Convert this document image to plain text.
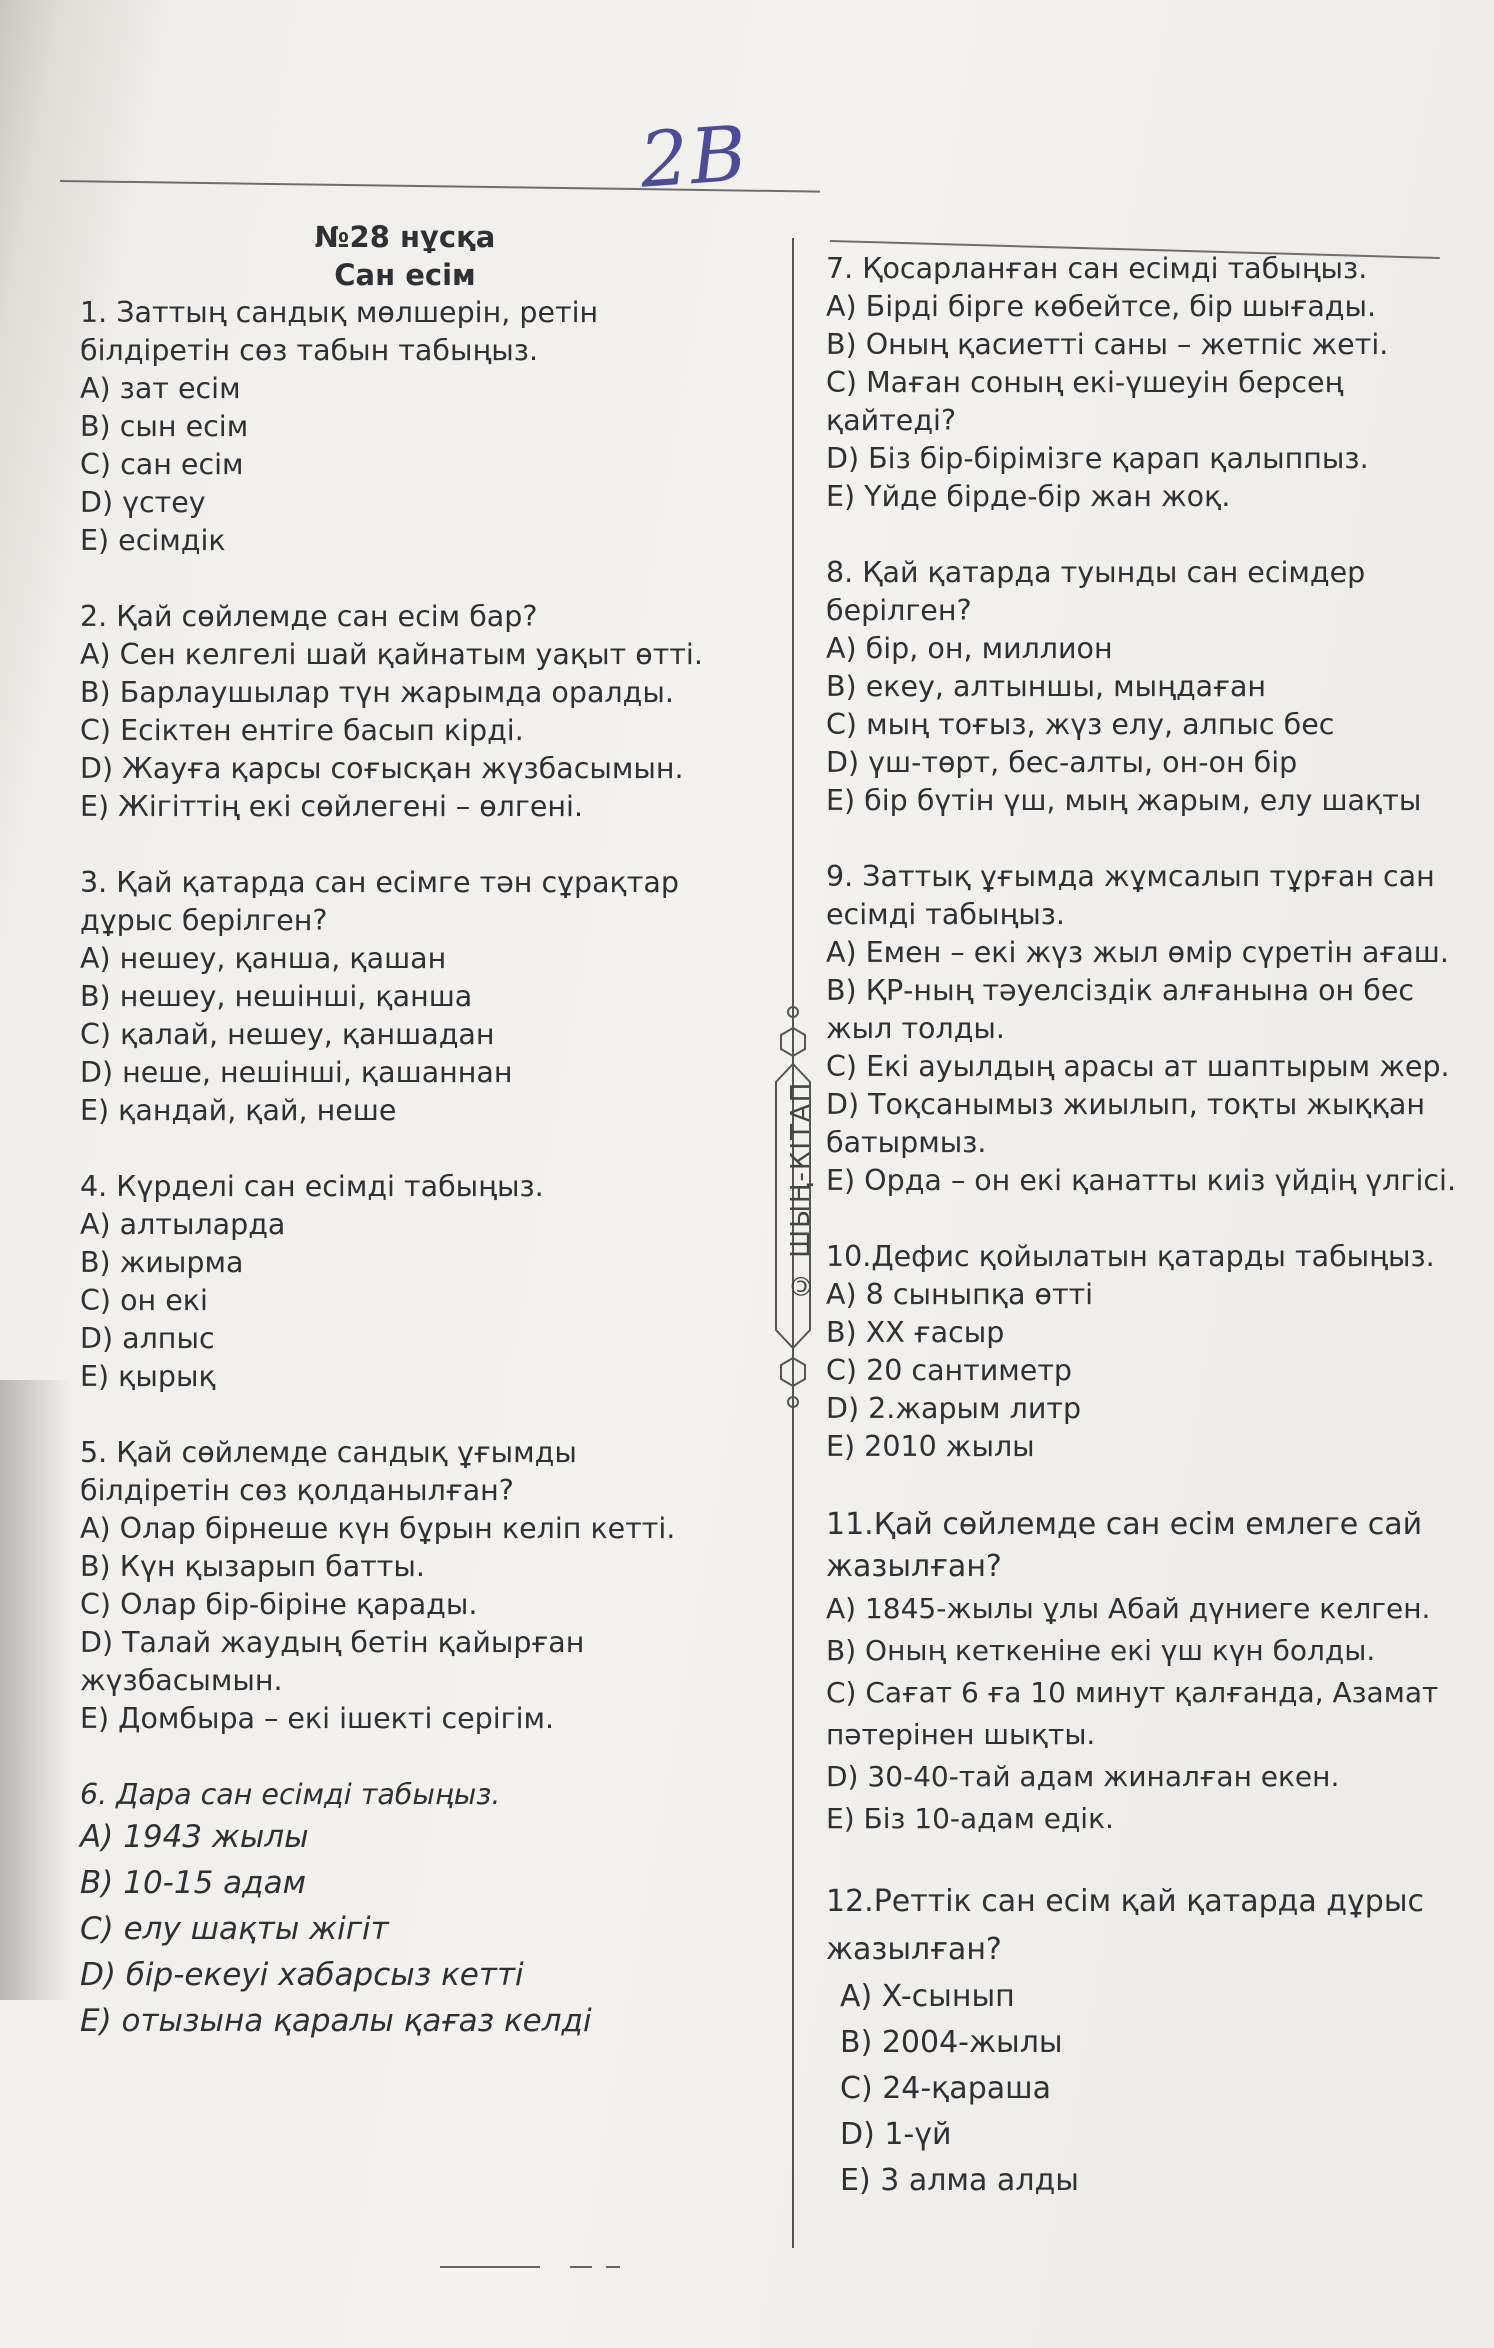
2В
© ШЫҢ-КІТАП
№28 нұсқа
Сан есім

1. Заттың сандық мөлшерін, ретін

білдіретін сөз табын табыңыз.

А) зат есім

В) сын есім

С) сан есім

D) үстеу

Е) есімдік

2. Қай сөйлемде сан есім бар?

А) Сен келгелі шай қайнатым уақыт өтті.

В) Барлаушылар түн жарымда оралды.

С) Есіктен ентіге басып кірді.

D) Жауға қарсы соғысқан жүзбасымын.

Е) Жігіттің екі сөйлегені – өлгені.

3. Қай қатарда сан есімге тән сұрақтар

дұрыс берілген?

А) нешеу, қанша, қашан

В) нешеу, нешінші, қанша

С) қалай, нешеу, қаншадан

D) неше, нешінші, қашаннан

Е) қандай, қай, неше

4. Күрделі сан есімді табыңыз.

А) алтыларда

В) жиырма

С) он екі

D) алпыс

Е) қырық

5. Қай сөйлемде сандық ұғымды

білдіретін сөз қолданылған?

А) Олар бірнеше күн бұрын келіп кетті.

В) Күн қызарып батты.

С) Олар бір-біріне қарады.

D) Талай жаудың бетін қайырған

жүзбасымын.

Е) Домбыра – екі ішекті серігім.

6. Дара сан есімді табыңыз.

А) 1943 жылы

В) 10-15 адам

С) елу шақты жігіт

D) бір-екеуі хабарсыз кетті

Е) отызына қаралы қағаз келді

7. Қосарланған сан есімді табыңыз.

А) Бірді бірге көбейтсе, бір шығады.

В) Оның қасиетті саны – жетпіс жеті.

С) Маған соның екі-үшеуін берсең

қайтеді?

D) Біз бір-бірімізге қарап қалыппыз.

Е) Үйде бірде-бір жан жоқ.

8. Қай қатарда туынды сан есімдер

берілген?

А) бір, он, миллион

В) екеу, алтыншы, мыңдаған

С) мың тоғыз, жүз елу, алпыс бес

D) үш-төрт, бес-алты, он-он бір

Е) бір бүтін үш, мың жарым, елу шақты

9. Заттық ұғымда жұмсалып тұрған сан

есімді табыңыз.

А) Емен – екі жүз жыл өмір сүретін ағаш.

В) ҚР-ның тәуелсіздік алғанына он бес

жыл толды.

С) Екі ауылдың арасы ат шаптырым жер.

D) Тоқсанымыз жиылып, тоқты жыққан

батырмыз.

Е) Орда – он екі қанатты киіз үйдің үлгісі.

10.Дефис қойылатын қатарды табыңыз.

А) 8 сыныпқа өтті

В) XX ғасыр

С) 20 сантиметр

D) 2.жарым литр

Е) 2010 жылы

11.Қай сөйлемде сан есім емлеге сай

жазылған?

А) 1845-жылы ұлы Абай дүниеге келген.

В) Оның кеткеніне екі үш күн болды.

С) Сағат 6 ға 10 минут қалғанда, Азамат

пәтерінен шықты.

D) 30-40-тай адам жиналған екен.

Е) Біз 10-адам едік.

12.Реттік сан есім қай қатарда дұрыс

жазылған?

А) X-сынып

В) 2004-жылы

С) 24-қараша

D) 1-үй

Е) 3 алма алды
